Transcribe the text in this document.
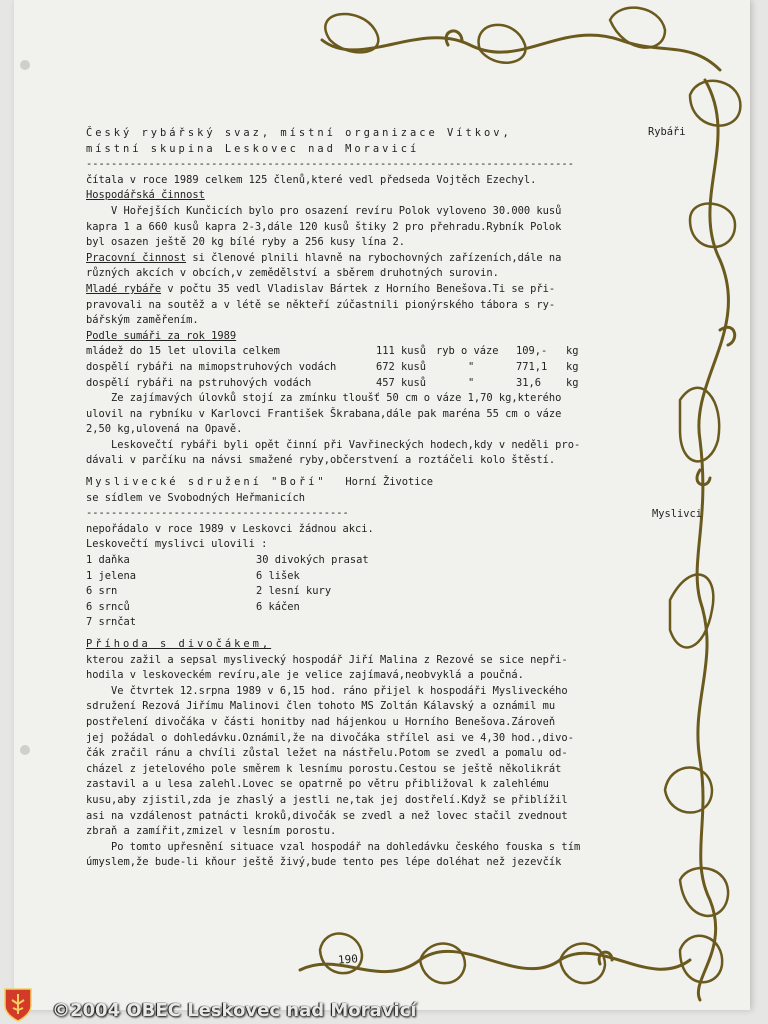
Rybáři
Myslivci
Český rybářský svaz, místní organizace Vítkov,
místní skupina Leskovec nad Moravicí
------------------------------------------------------------------------------
čítala v roce 1989 celkem 125 členů,které vedl předseda Vojtěch Ezechyl.
Hospodářská činnost
V Hořejších Kunčicích bylo pro osazení revíru Polok vyloveno 30.000 kusů
kapra 1 a 660 kusů kapra 2-3,dále 120 kusů štiky 2 pro přehradu.Rybník Polok
byl osazen ještě 20 kg bílé ryby a 256 kusy lína 2.
Pracovní činnost si členové plnili hlavně na rybochovných zařízeních,dále na
různých akcích v obcích,v zemědělství a sběrem druhotných surovin.
Mladé rybáře v počtu 35 vedl Vladislav Bártek z Horního Benešova.Ti se při-
pravovali na soutěž a v létě se někteří zúčastnili pionýrského tábora s ry-
bářským zaměřením.
Podle sumáři za rok 1989
mládež do 15 let ulovila celkem	111 kusů ryb o váze	109,-	kg
dospělí rybáři na mimopstruhových vodách	672 kusů	"	771,1	kg
dospělí rybáři na pstruhových vodách	457 kusů	"	31,6	kg
Ze zajímavých úlovků stojí za zmínku tloušť 50 cm o váze 1,70 kg,kterého
ulovil na rybníku v Karlovci František Škrabana,dále pak maréna 55 cm o váze
2,50 kg,ulovená na Opavě.
Leskovečtí rybáři byli opět činní při Vavřineckých hodech,kdy v neděli pro-
dávali v parčíku na návsi smažené ryby,občerstvení a roztáčeli kolo štěstí.
Myslivecké sdružení "Boří"   Horní Životice
se sídlem ve Svobodných Heřmanicích
------------------------------------------
nepořádalo v roce 1989 v Leskovci žádnou akci.
Leskovečtí myslivci ulovili :
1 daňka	30 divokých prasat
1 jelena	6 lišek
6 srn	2 lesní kury
6 srnců	6 káčen
7 srnčat
Příhoda s divočákem,
kterou zažil a sepsal myslivecký hospodář Jiří Malina z Rezové se sice nepři-
hodila v leskoveckém revíru,ale je velice zajímavá,neobvyklá a poučná.
Ve čtvrtek 12.srpna 1989 v 6,15 hod. ráno přijel k hospodáři Mysliveckého
sdružení Rezová Jiřímu Malinovi člen tohoto MS Zoltán Kálavský a oznámil mu
postřelení divočáka v části honitby nad hájenkou u Horního Benešova.Zároveň
jej požádal o dohledávku.Oznámil,že na divočáka střílel asi ve 4,30 hod.,divo-
čák zračil ránu a chvíli zůstal ležet na nástřelu.Potom se zvedl a pomalu od-
cházel z jetelového pole směrem k lesnímu porostu.Cestou se ještě několikrát
zastavil a u lesa zalehl.Lovec se opatrně po větru přibližoval k zalehlému
kusu,aby zjistil,zda je zhaslý a jestli ne,tak jej dostřelí.Když se přiblížil
asi na vzdálenost patnácti kroků,divočák se zvedl a než lovec stačil zvednout
zbraň a zamířit,zmizel v lesním porostu.
Po tomto upřesnění situace vzal hospodář na dohledávku českého fouska s tím
úmyslem,že bude-li kňour ještě živý,bude tento pes lépe doléhat než jezevčík
190
©2004 OBEC Leskovec nad Moravicí
